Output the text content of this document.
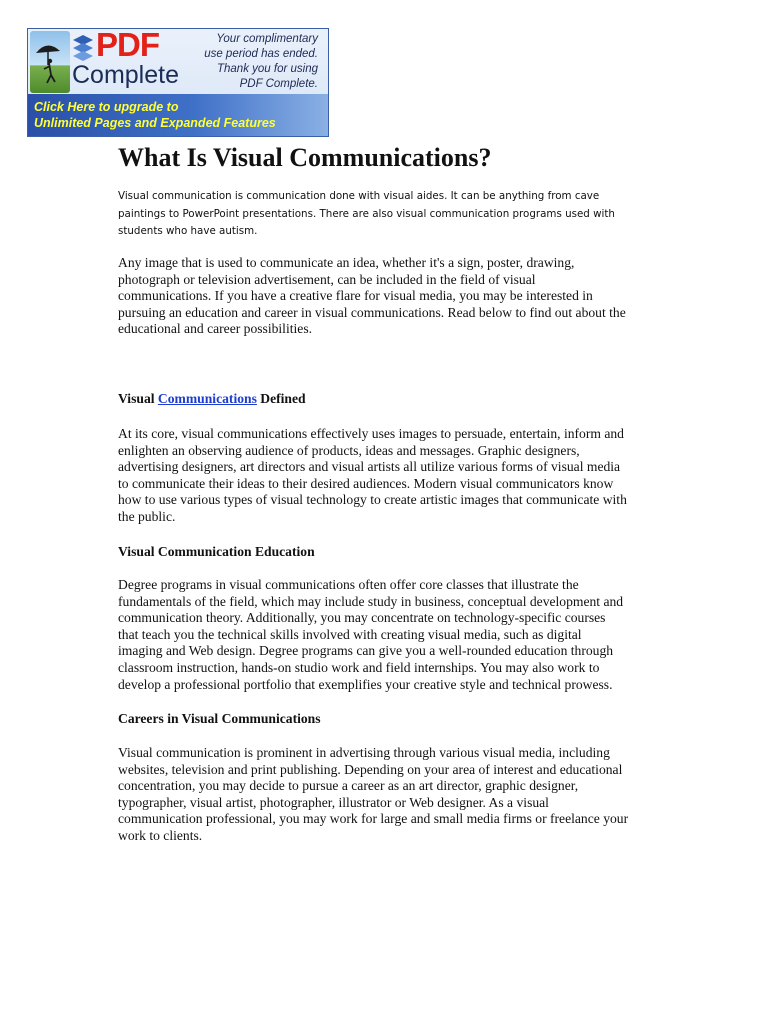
PDF
Complete
Your complimentary
use period has ended.
Thank you for using
PDF Complete.
Click Here to upgrade to
Unlimited Pages and Expanded Features
What Is Visual Communications?

Visual communication is communication done with visual aides. It can be anything from cave
paintings to PowerPoint presentations. There are also visual communication programs used with
students who have autism.

Any image that is used to communicate an idea, whether it's a sign, poster, drawing,
photograph or television advertisement, can be included in the field of visual
communications. If you have a creative flare for visual media, you may be interested in
pursuing an education and career in visual communications. Read below to find out about the
educational and career possibilities.

Visual Communications Defined

At its core, visual communications effectively uses images to persuade, entertain, inform and
enlighten an observing audience of products, ideas and messages. Graphic designers,
advertising designers, art directors and visual artists all utilize various forms of visual media
to communicate their ideas to their desired audiences. Modern visual communicators know
how to use various types of visual technology to create artistic images that communicate with
the public.

Visual Communication Education

Degree programs in visual communications often offer core classes that illustrate the
fundamentals of the field, which may include study in business, conceptual development and
communication theory. Additionally, you may concentrate on technology-specific courses
that teach you the technical skills involved with creating visual media, such as digital
imaging and Web design. Degree programs can give you a well-rounded education through
classroom instruction, hands-on studio work and field internships. You may also work to
develop a professional portfolio that exemplifies your creative style and technical prowess.

Careers in Visual Communications

Visual communication is prominent in advertising through various visual media, including
websites, television and print publishing. Depending on your area of interest and educational
concentration, you may decide to pursue a career as an art director, graphic designer,
typographer, visual artist, photographer, illustrator or Web designer. As a visual
communication professional, you may work for large and small media firms or freelance your
work to clients.
